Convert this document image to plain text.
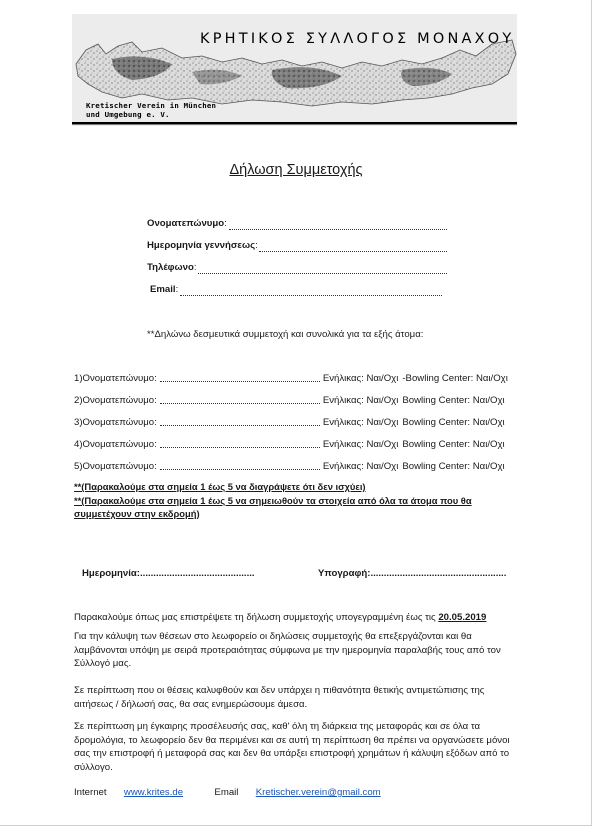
ΚΡΗΤΙΚΟΣ ΣΥΛΛΟΓΟΣ ΜΟΝΑΧΟΥ
Kretischer Verein in München
und Umgebung e. V.
Δήλωση Συμμετοχής
Ονοματεπώνυμο:
Ημερομηνία γεννήσεως:
Τηλέφωνο:
Email:
**Δηλώνω δεσμευτικά συμμετοχή και συνολικά για τα εξής άτομα:
1)Ονοματεπώνυμο:	Ενήλικας: Ναι/Οχι -Bowling Center: Ναι/Οχι
2)Ονοματεπώνυμο:	Ενήλικας: Ναι/Οχι Bowling Center: Ναι/Οχι
3)Ονοματεπώνυμο:	Ενήλικας: Ναι/Οχι Bowling Center: Ναι/Οχι
4)Ονοματεπώνυμο:	Ενήλικας: Ναι/Οχι Bowling Center: Ναι/Οχι
5)Ονοματεπώνυμο:	Ενήλικας: Ναι/Οχι Bowling Center: Ναι/Οχι
**(Παρακαλούμε στα σημεία 1 έως 5 να διαγράψετε ότι δεν ισχύει)
**(Παρακαλούμε στα σημεία 1 έως 5 να σημειωθούν τα στοιχεία από όλα τα άτομα που θα συμμετέχουν στην εκδρομή)
Ημερομηνία:...........................................	Υπογραφή:...................................................
Παρακαλούμε όπως μας επιστρέψετε τη δήλωση συμμετοχής υπογεγραμμένη έως τις 20.05.2019
Για την κάλυψη των θέσεων στο λεωφορείο οι δηλώσεις συμμετοχής θα επεξεργάζονται και θα λαμβάνονται υπόψη με σειρά προτεραιότητας σύμφωνα με την ημερομηνία παραλαβής τους από τον Σύλλογό μας.
Σε περίπτωση που οι θέσεις καλυφθούν και δεν υπάρχει η πιθανότητα θετικής αντιμετώπισης της αιτήσεως / δήλωσή σας, θα σας ενημερώσουμε άμεσα.
Σε περίπτωση μη έγκαιρης προσέλευσής σας, καθ' όλη τη διάρκεια της μεταφοράς και σε όλα τα δρομολόγια, το λεωφορείο δεν θα περιμένει και σε αυτή τη περίπτωση θα πρέπει να οργανώσετε μόνοι σας την επιστροφή ή μεταφορά σας και δεν θα υπάρξει επιστροφή χρημάτων ή κάλυψη εξόδων από το σύλλογο.
Internet www.krites.de	Email Kretischer.verein@gmail.com
